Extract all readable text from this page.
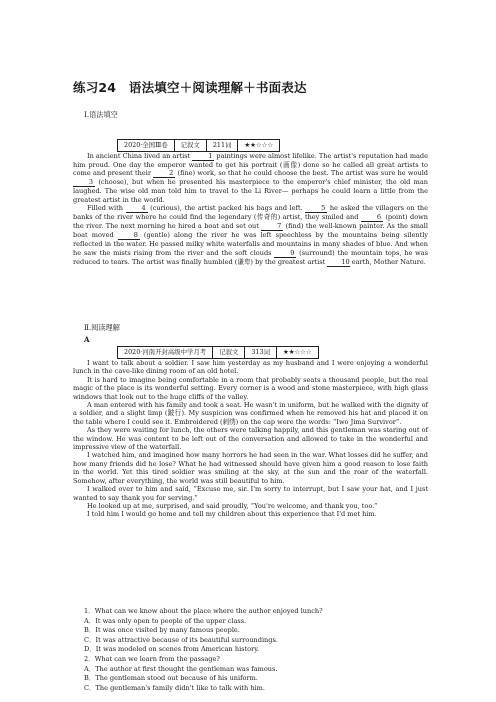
练习24　语法填空＋阅读理解＋书面表达
Ⅰ.语法填空
2020·全国Ⅲ卷	记叙文	211词	★★☆☆☆

In ancient China lived an artist 1 paintings were almost lifelike. The artist's reputation had made him proud. One day the emperor wanted to get his portrait (画像) done so he called all great artists to come and present their 2 (fine) work, so that he could choose the best. The artist was sure he would 3 (choose), but when he presented his masterpiece to the emperor's chief minister, the old man laughed. The wise old man told him to travel to the Li River— perhaps he could learn a little from the greatest artist in the world.

Filled with 4 (curious), the artist packed his bags and left. 5 he asked the villagers on the banks of the river where he could find the legendary (传奇的) artist, they smiled and 6 (point) down the river. The next morning he hired a boat and set out 7 (find) the well-known painter. As the small boat moved 8 (gentle) along the river he was left speechless by the mountains being silently reflected in the water. He passed milky white waterfalls and mountains in many shades of blue. And when he saw the mists rising from the river and the soft clouds 9 (surround) the mountain tops, he was reduced to tears. The artist was finally humbled (谦卑) by the greatest artist 10 earth, Mother Nature.

Ⅱ.阅读理解
A
2020·河南开封高级中学月考	记叙文	313词	★★☆☆☆

I want to talk about a soldier. I saw him yesterday as my husband and I were enjoying a wonderful lunch in the cave-like dining room of an old hotel.

It is hard to imagine being comfortable in a room that probably seats a thousand people, but the real magic of the place is its wonderful setting. Every corner is a wood and stone masterpiece, with high glass windows that look out to the huge cliffs of the valley.

A man entered with his family and took a seat. He wasn't in uniform, but he walked with the dignity of a soldier, and a slight limp (跛行). My suspicion was confirmed when he removed his hat and placed it on the table where I could see it. Embroidered (刺绣) on the cap were the words: “Iwo Jima Survivor”.

As they were waiting for lunch, the others were talking happily, and this gentleman was staring out of the window. He was content to be left out of the conversation and allowed to take in the wonderful and impressive view of the waterfall.

I watched him, and imagined how many horrors he had seen in the war. What losses did he suffer, and how many friends did he lose? What he had witnessed should have given him a good reason to lose faith in the world. Yet this tired soldier was smiling at the sky, at the sun and the roar of the waterfall. Somehow, after everything, the world was still beautiful to him.

I walked over to him and said, “Excuse me, sir. I'm sorry to interrupt, but I saw your hat, and I just wanted to say thank you for serving.”

He looked up at me, surprised, and said proudly, “You're welcome, and thank you, too.”

I told him I would go home and tell my children about this experience that I'd met him.

1．What can we know about the place where the author enjoyed lunch?
A．It was only open to people of the upper class.
B．It was once visited by many famous people.
C．It was attractive because of its beautiful surroundings.
D．It was modeled on scenes from American history.
2．What can we learn from the passage?
A．The author at first thought the gentleman was famous.
B．The gentleman stood out because of his uniform.
C．The gentleman's family didn't like to talk with him.
